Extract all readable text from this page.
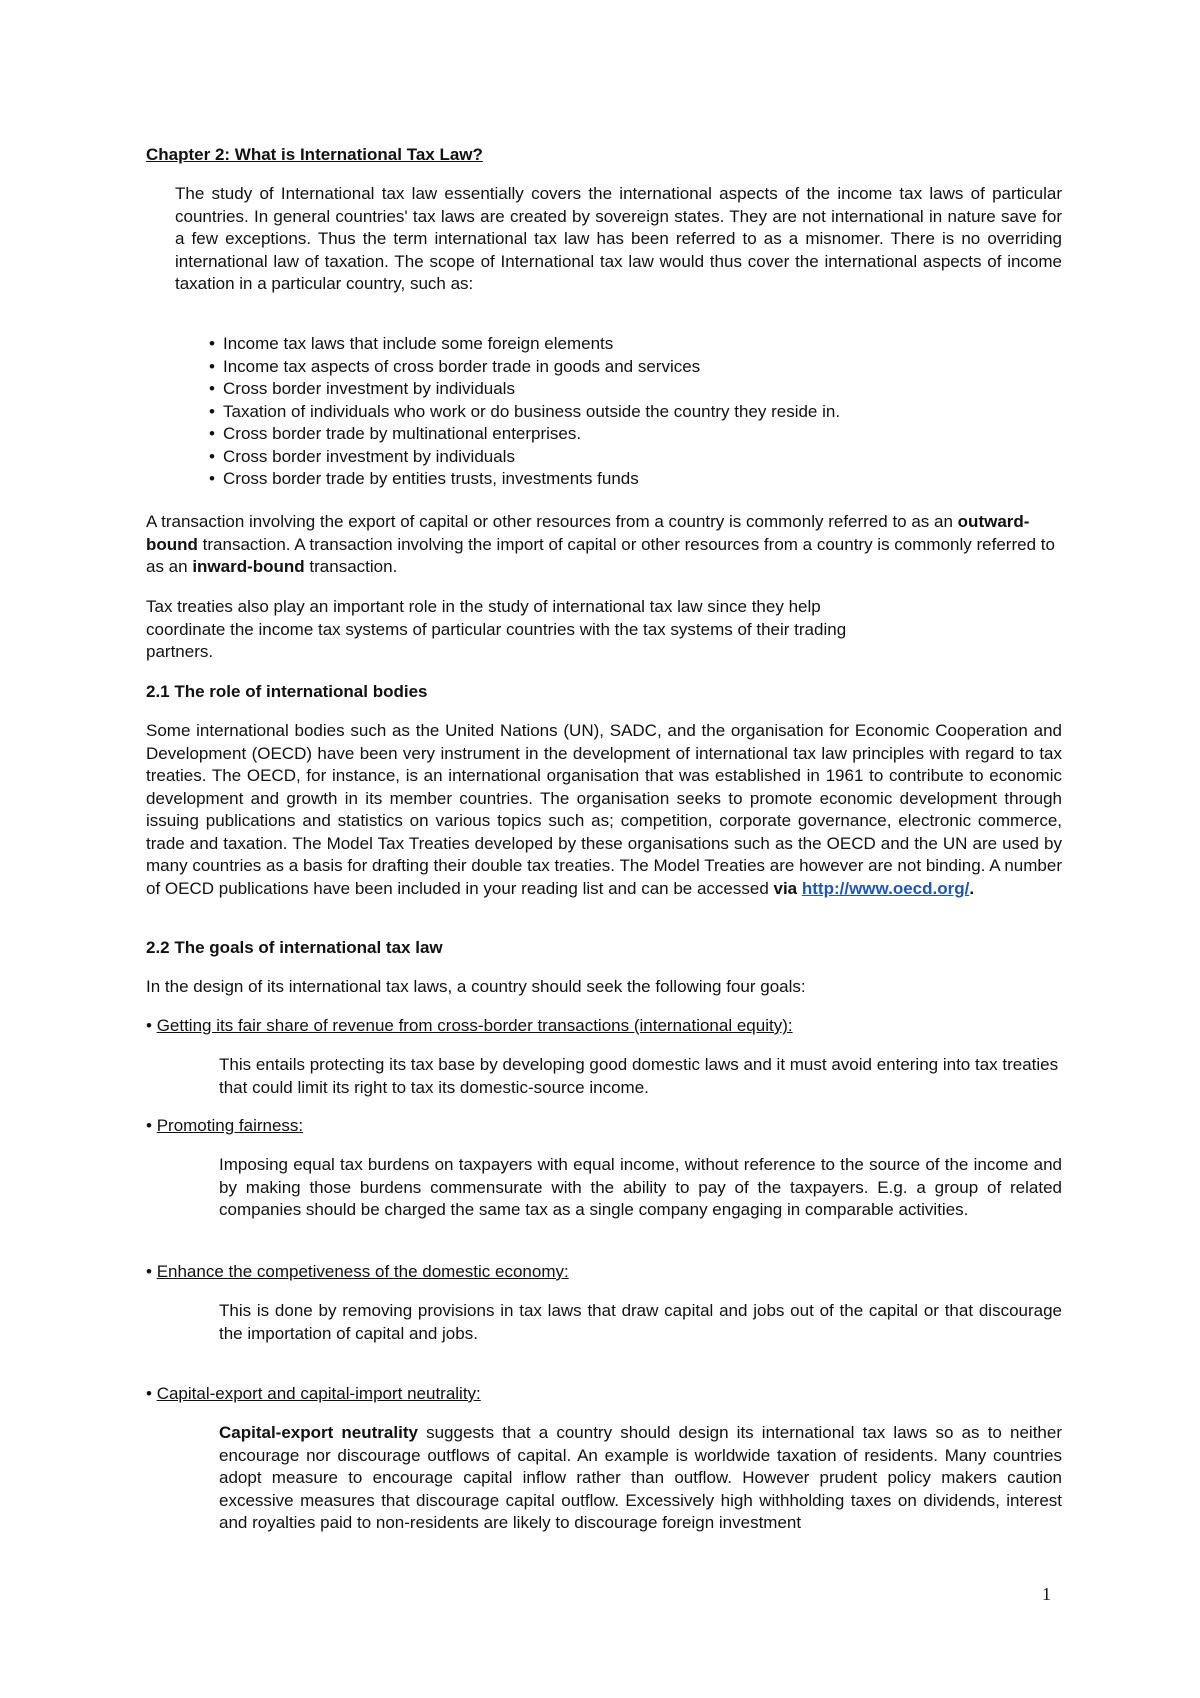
Chapter 2: What is International Tax Law?

The study of International tax law essentially covers the international aspects of the income tax laws of particular countries. In general countries' tax laws are created by sovereign states. They are not international in nature save for a few exceptions. Thus the term international tax law has been referred to as a misnomer. There is no overriding international law of taxation. The scope of International tax law would thus cover the international aspects of income taxation in a particular country, such as:

• Income tax laws that include some foreign elements
• Income tax aspects of cross border trade in goods and services
• Cross border investment by individuals
• Taxation of individuals who work or do business outside the country they reside in.
• Cross border trade by multinational enterprises.
• Cross border investment by individuals
• Cross border trade by entities trusts, investments funds

A transaction involving the export of capital or other resources from a country is commonly referred to as an outward-bound transaction. A transaction involving the import of capital or other resources from a country is commonly referred to as an inward-bound transaction.

Tax treaties also play an important role in the study of international tax law since they help
coordinate the income tax systems of particular countries with the tax systems of their trading
partners.
2.1 The role of international bodies

Some international bodies such as the United Nations (UN), SADC, and the organisation for Economic Cooperation and Development (OECD) have been very instrument in the development of international tax law principles with regard to tax treaties. The OECD, for instance, is an international organisation that was established in 1961 to contribute to economic development and growth in its member countries. The organisation seeks to promote economic development through issuing publications and statistics on various topics such as; competition, corporate governance, electronic commerce, trade and taxation. The Model Tax Treaties developed by these organisations such as the OECD and the UN are used by many countries as a basis for drafting their double tax treaties. The Model Treaties are however are not binding. A number of OECD publications have been included in your reading list and can be accessed via http://www.oecd.org/.

2.2 The goals of international tax law

In the design of its international tax laws, a country should seek the following four goals:

• Getting its fair share of revenue from cross-border transactions (international equity):

This entails protecting its tax base by developing good domestic laws and it must avoid entering into tax treaties that could limit its right to tax its domestic-source income.

• Promoting fairness:

Imposing equal tax burdens on taxpayers with equal income, without reference to the source of the income and by making those burdens commensurate with the ability to pay of the taxpayers. E.g. a group of related companies should be charged the same tax as a single company engaging in comparable activities.

• Enhance the competiveness of the domestic economy:

This is done by removing provisions in tax laws that draw capital and jobs out of the capital or that discourage the importation of capital and jobs.

• Capital-export and capital-import neutrality:

Capital-export neutrality suggests that a country should design its international tax laws so as to neither encourage nor discourage outflows of capital. An example is worldwide taxation of residents. Many countries adopt measure to encourage capital inflow rather than outflow. However prudent policy makers caution excessive measures that discourage capital outflow. Excessively high withholding taxes on dividends, interest and royalties paid to non-residents are likely to discourage foreign investment

1
